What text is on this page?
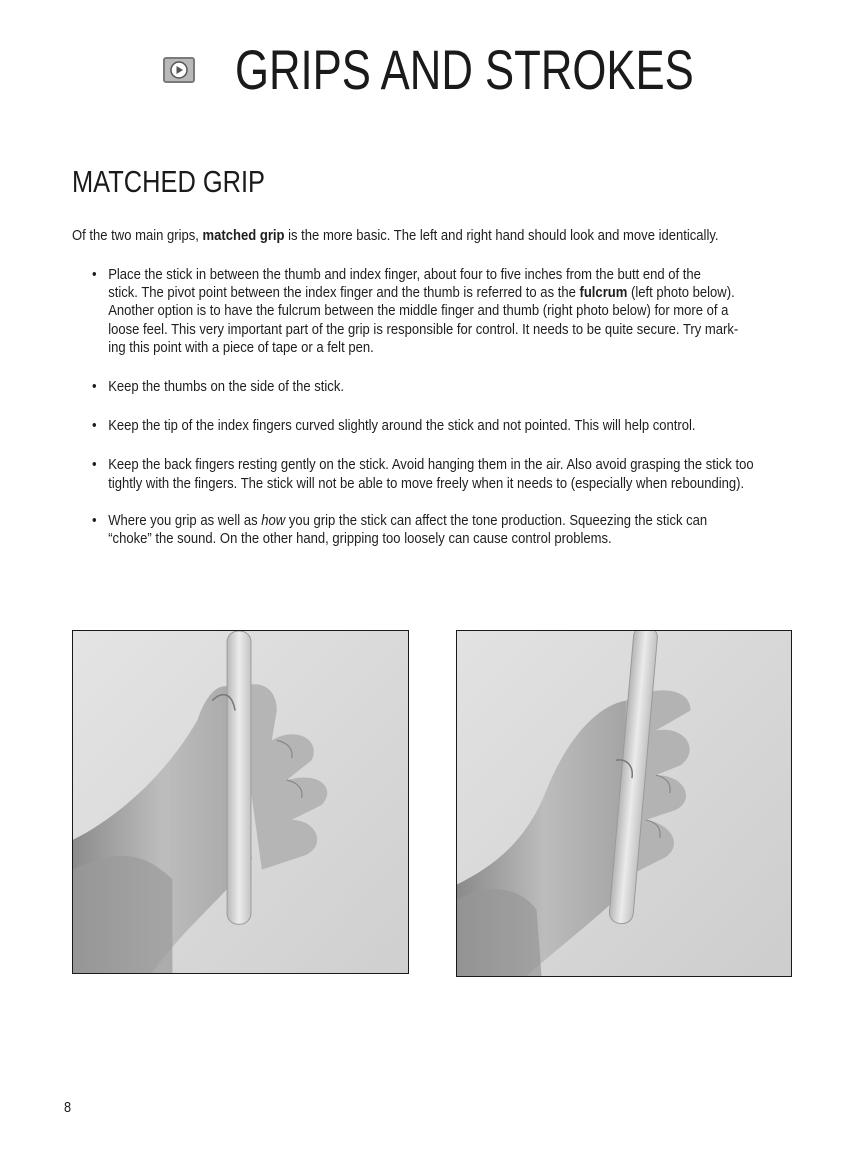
GRIPS AND STROKES
MATCHED GRIP

Of the two main grips, matched grip is the more basic. The left and right hand should look and move identically.

• Place the stick in between the thumb and index finger, about four to five inches from the butt end of the
stick. The pivot point between the index finger and the thumb is referred to as the fulcrum (left photo below).
Another option is to have the fulcrum between the middle finger and thumb (right photo below) for more of a
loose feel. This very important part of the grip is responsible for control. It needs to be quite secure. Try mark-
ing this point with a piece of tape or a felt pen.
• Keep the thumbs on the side of the stick.
• Keep the tip of the index fingers curved slightly around the stick and not pointed. This will help control.
• Keep the back fingers resting gently on the stick. Avoid hanging them in the air. Also avoid grasping the stick too
tightly with the fingers. The stick will not be able to move freely when it needs to (especially when rebounding).
• Where you grip as well as how you grip the stick can affect the tone production. Squeezing the stick can
“choke” the sound. On the other hand, gripping too loosely can cause control problems.
8
